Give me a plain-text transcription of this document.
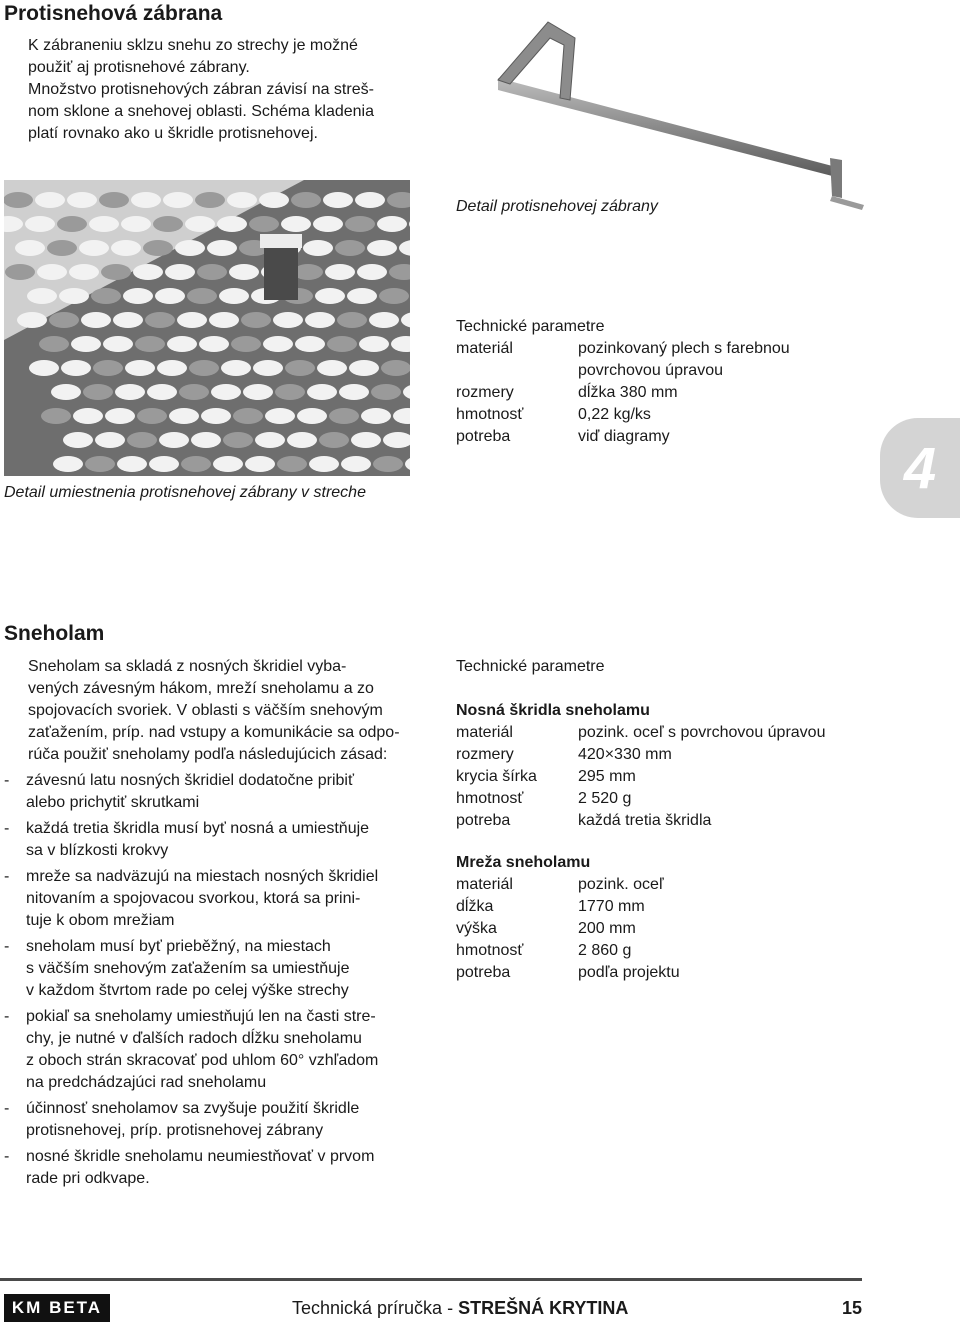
Protisnehová zábrana

K zábraneniu sklzu snehu zo strechy je možné

použiť aj protisnehové zábrany.

Množstvo protisnehových zábran závisí na streš-

nom sklone a snehovej oblasti. Schéma kladenia

platí rovnako ako u škridle protisnehovej.

Detail protisnehovej zábrany
Detail umiestnenia protisnehovej zábrany v streche
Technické parametre
materiál	pozinkovaný plech s farebnou
povrchovou úpravou
rozmery	dĺžka 380 mm
hmotnosť	0,22 kg/ks
potreba	viď diagramy	4
Sneholam

Sneholam sa skladá z nosných škridiel vyba-

vených závesným hákom, mreží sneholamu a zo

spojovacích svoriek. V oblasti s väčším snehovým

zaťažením, príp. nad vstupy a komunikácie sa odpo-

rúča použiť sneholamy podľa následujúcich zásad:

-	závesnú latu nosných škridiel dodatočne pribiť
alebo prichytiť skrutkami
-	každá tretia škridla musí byť nosná a umiestňuje
sa v blízkosti krokvy
-	mreže sa nadväzujú na miestach nosných škridiel
nitovaním a spojovacou svorkou, ktorá sa prini-
tuje k obom mrežiam
-	sneholam musí byť prieběžný, na miestach
s väčším snehovým zaťažením sa umiestňuje
v každom štvrtom rade po celej výške strechy
-	pokiaľ sa sneholamy umiestňujú len na časti stre-
chy, je nutné v ďalších radoch dĺžku sneholamu
z oboch strán skracovať pod uhlom 60° vzhľadom
na predchádzajúci rad sneholamu
-	účinnosť sneholamov sa zvyšuje použití škridle
protisnehovej, príp. protisnehovej zábrany
-	nosné škridle sneholamu neumiestňovať v prvom
rade pri odkvape.
Technické parametre
Nosná škridla sneholamu
materiál	pozink. oceľ s povrchovou úpravou
rozmery	420×330 mm
krycia šírka	295 mm
hmotnosť	2 520 g
potreba	každá tretia škridla
Mreža sneholamu
materiál	pozink. oceľ
dĺžka	1770 mm
výška	200 mm
hmotnosť	2 860 g
potreba	podľa projektu
KM BETA	Technická príručka - STREŠNÁ KRYTINA	15
